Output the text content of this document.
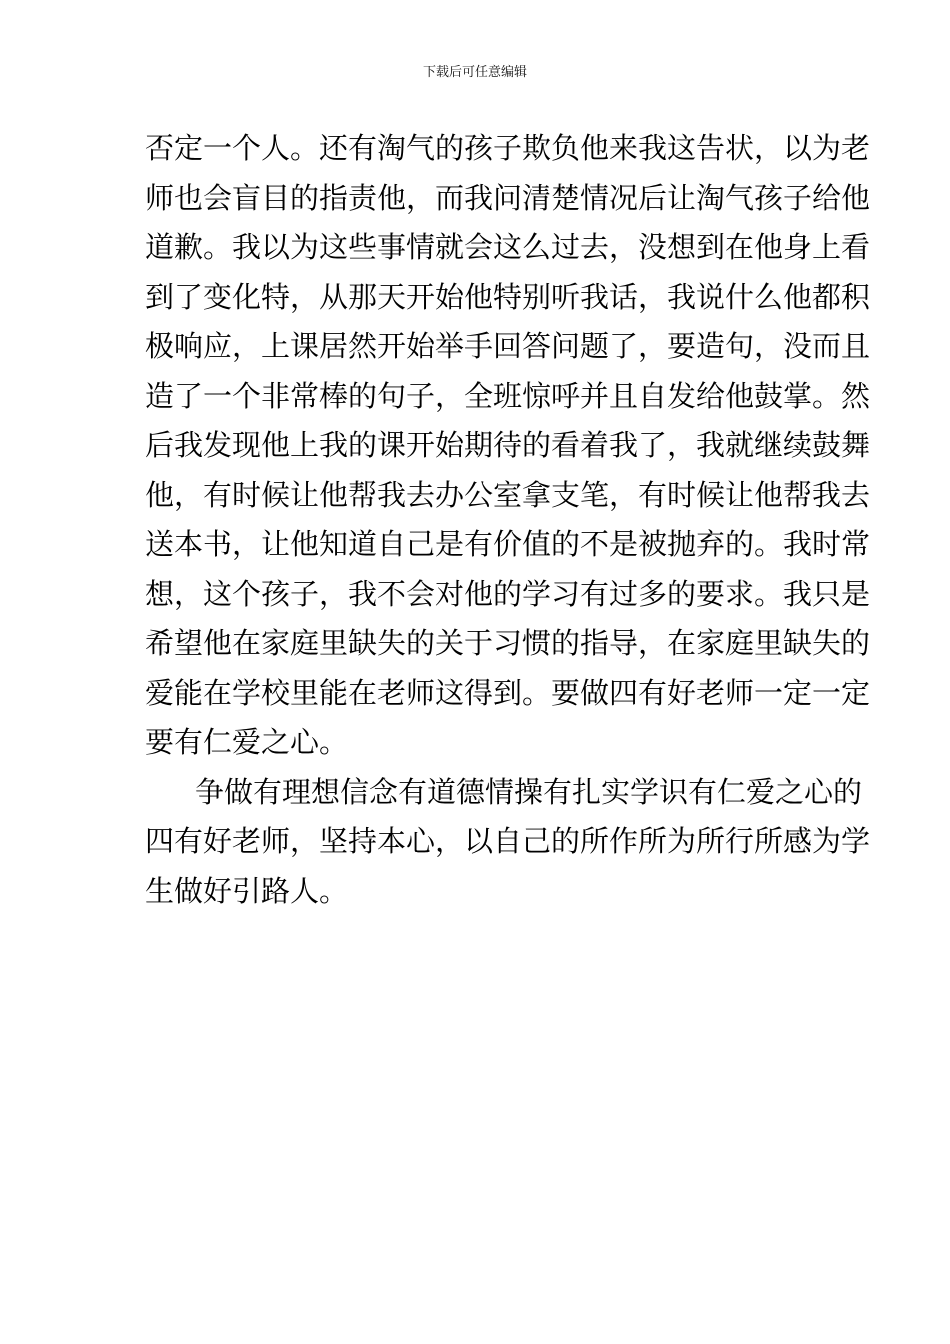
下载后可任意编辑
否定一个人。还有淘气的孩子欺负他来我这告状，以为老
师也会盲目的指责他，而我问清楚情况后让淘气孩子给他
道歉。我以为这些事情就会这么过去，没想到在他身上看
到了变化特，从那天开始他特别听我话，我说什么他都积
极响应，上课居然开始举手回答问题了，要造句，没而且
造了一个非常棒的句子，全班惊呼并且自发给他鼓掌。然
后我发现他上我的课开始期待的看着我了，我就继续鼓舞
他，有时候让他帮我去办公室拿支笔，有时候让他帮我去
送本书，让他知道自己是有价值的不是被抛弃的。我时常
想，这个孩子，我不会对他的学习有过多的要求。我只是
希望他在家庭里缺失的关于习惯的指导，在家庭里缺失的
爱能在学校里能在老师这得到。要做四有好老师一定一定
要有仁爱之心。
争做有理想信念有道德情操有扎实学识有仁爱之心的
四有好老师，坚持本心，以自己的所作所为所行所感为学
生做好引路人。
